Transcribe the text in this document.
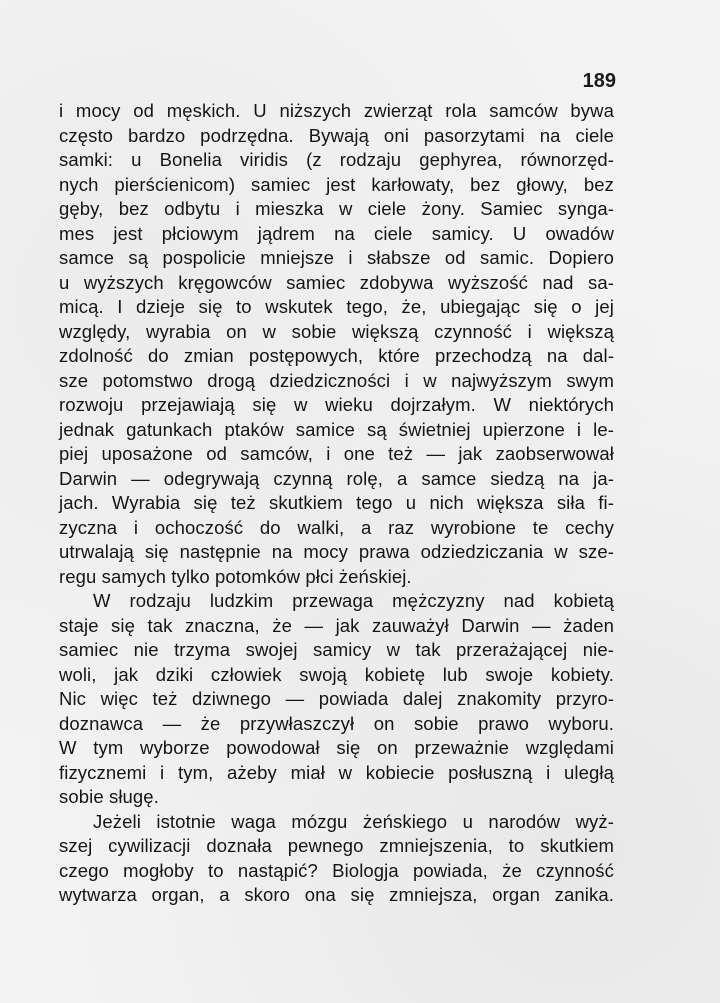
189
i mocy od męskich. U niższych zwierząt rola samców bywa
często bardzo podrzędna. Bywają oni pasorzytami na ciele
samki: u Bonelia viridis (z rodzaju gephyrea, równorzęd-
nych pierścienicom) samiec jest karłowaty, bez głowy, bez
gęby, bez odbytu i mieszka w ciele żony. Samiec synga-
mes jest płciowym jądrem na ciele samicy. U owadów
samce są pospolicie mniejsze i słabsze od samic. Dopiero
u wyższych kręgowców samiec zdobywa wyższość nad sa-
micą. I dzieje się to wskutek tego, że, ubiegając się o jej
względy, wyrabia on w sobie większą czynność i większą
zdolność do zmian postępowych, które przechodzą na dal-
sze potomstwo drogą dziedziczności i w najwyższym swym
rozwoju przejawiają się w wieku dojrzałym. W niektórych
jednak gatunkach ptaków samice są świetniej upierzone i le-
piej uposażone od samców, i one też — jak zaobserwował
Darwin — odegrywają czynną rolę, a samce siedzą na ja-
jach. Wyrabia się też skutkiem tego u nich większa siła fi-
zyczna i ochoczość do walki, a raz wyrobione te cechy
utrwalają się następnie na mocy prawa odziedziczania w sze-
regu samych tylko potomków płci żeńskiej.
W rodzaju ludzkim przewaga mężczyzny nad kobietą
staje się tak znaczna, że — jak zauważył Darwin — żaden
samiec nie trzyma swojej samicy w tak przerażającej nie-
woli, jak dziki człowiek swoją kobietę lub swoje kobiety.
Nic więc też dziwnego — powiada dalej znakomity przyro-
doznawca — że przywłaszczył on sobie prawo wyboru.
W tym wyborze powodował się on przeważnie względami
fizycznemi i tym, ażeby miał w kobiecie posłuszną i uległą
sobie sługę.
Jeżeli istotnie waga mózgu żeńskiego u narodów wyż-
szej cywilizacji doznała pewnego zmniejszenia, to skutkiem
czego mogłoby to nastąpić? Biologja powiada, że czynność
wytwarza organ, a skoro ona się zmniejsza, organ zanika.
